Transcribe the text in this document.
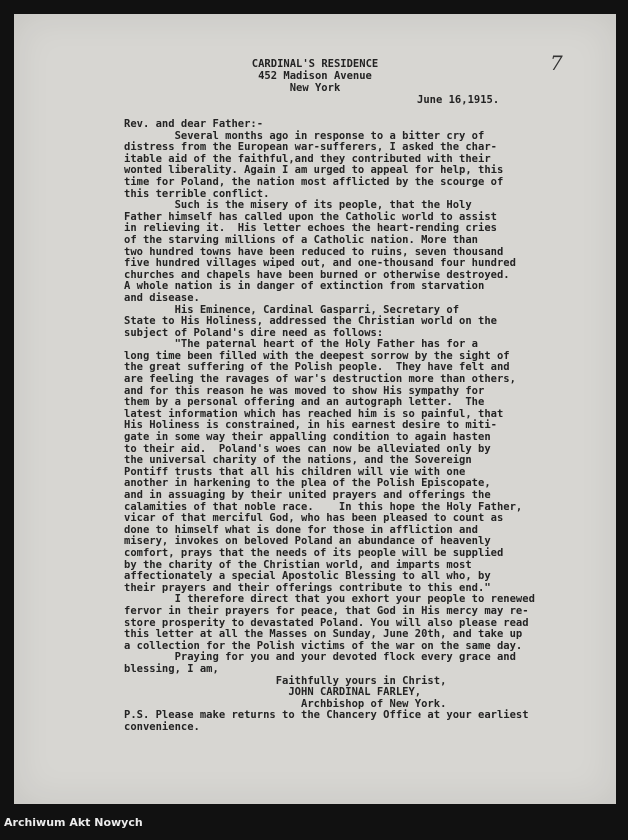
7
CARDINAL'S RESIDENCE
452 Madison Avenue
New York
June 16,1915.
Rev. and dear Father:-
Several months ago in response to a bitter cry of
distress from the European war-sufferers, I asked the char-
itable aid of the faithful,and they contributed with their
wonted liberality. Again I am urged to appeal for help, this
time for Poland, the nation most afflicted by the scourge of
this terrible conflict.
Such is the misery of its people, that the Holy
Father himself has called upon the Catholic world to assist
in relieving it.  His letter echoes the heart-rending cries
of the starving millions of a Catholic nation. More than
two hundred towns have been reduced to ruins, seven thousand
five hundred villages wiped out, and one-thousand four hundred
churches and chapels have been burned or otherwise destroyed.
A whole nation is in danger of extinction from starvation
and disease.
His Eminence, Cardinal Gasparri, Secretary of
State to His Holiness, addressed the Christian world on the
subject of Poland's dire need as follows:
"The paternal heart of the Holy Father has for a
long time been filled with the deepest sorrow by the sight of
the great suffering of the Polish people.  They have felt and
are feeling the ravages of war's destruction more than others,
and for this reason he was moved to show His sympathy for
them by a personal offering and an autograph letter.  The
latest information which has reached him is so painful, that
His Holiness is constrained, in his earnest desire to miti-
gate in some way their appalling condition to again hasten
to their aid.  Poland's woes can now be alleviated only by
the universal charity of the nations, and the Sovereign
Pontiff trusts that all his children will vie with one
another in harkening to the plea of the Polish Episcopate,
and in assuaging by their united prayers and offerings the
calamities of that noble race.    In this hope the Holy Father,
vicar of that merciful God, who has been pleased to count as
done to himself what is done for those in affliction and
misery, invokes on beloved Poland an abundance of heavenly
comfort, prays that the needs of its people will be supplied
by the charity of the Christian world, and imparts most
affectionately a special Apostolic Blessing to all who, by
their prayers and their offerings contribute to this end."
I therefore direct that you exhort your people to renewed
fervor in their prayers for peace, that God in His mercy may re-
store prosperity to devastated Poland. You will also please read
this letter at all the Masses on Sunday, June 20th, and take up
a collection for the Polish victims of the war on the same day.
Praying for you and your devoted flock every grace and
blessing, I am,
Faithfully yours in Christ,
JOHN CARDINAL FARLEY,
Archbishop of New York.
P.S. Please make returns to the Chancery Office at your earliest
convenience.
Archiwum Akt Nowych
